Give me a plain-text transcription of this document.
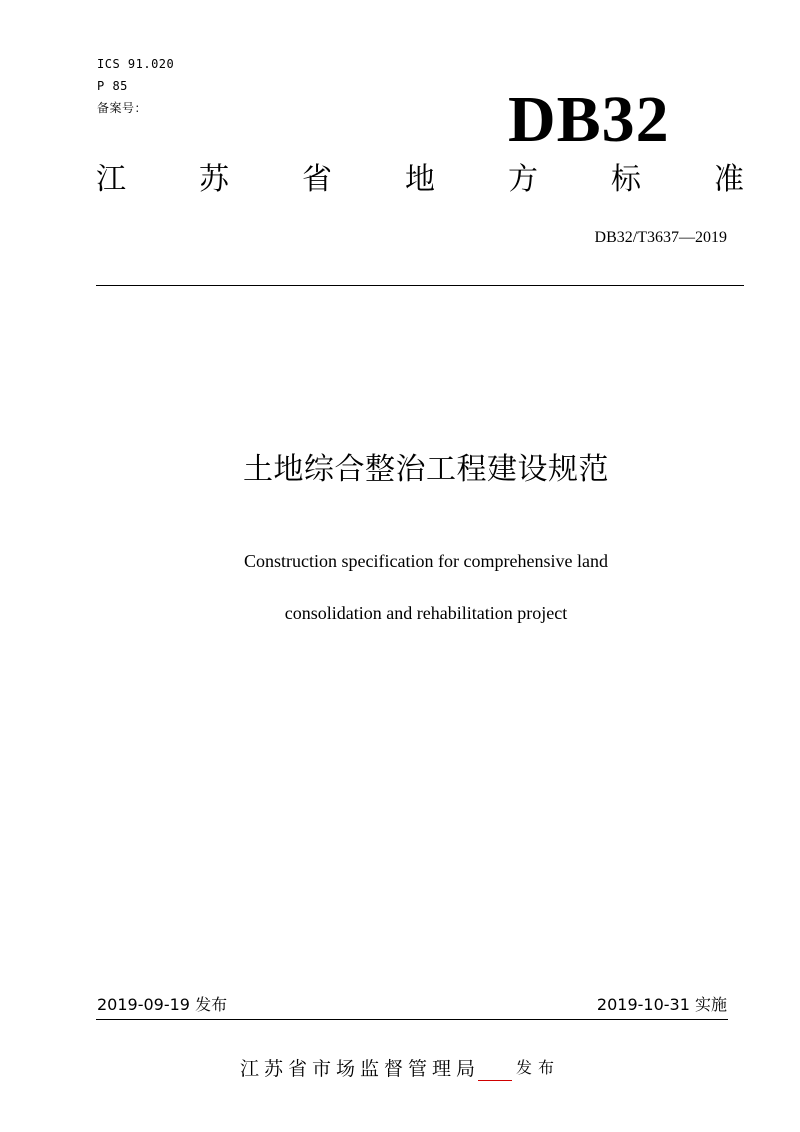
ICS 91.020
P 85
备案号：	DB32
江 苏 省 地 方 标 准
DB32/T3637—2019
土地综合整治工程建设规范
Construction specification for comprehensive land
consolidation and rehabilitation project
2019-09-19 发布	2019-10-31 实施
江苏省市场监督管理局 发布
